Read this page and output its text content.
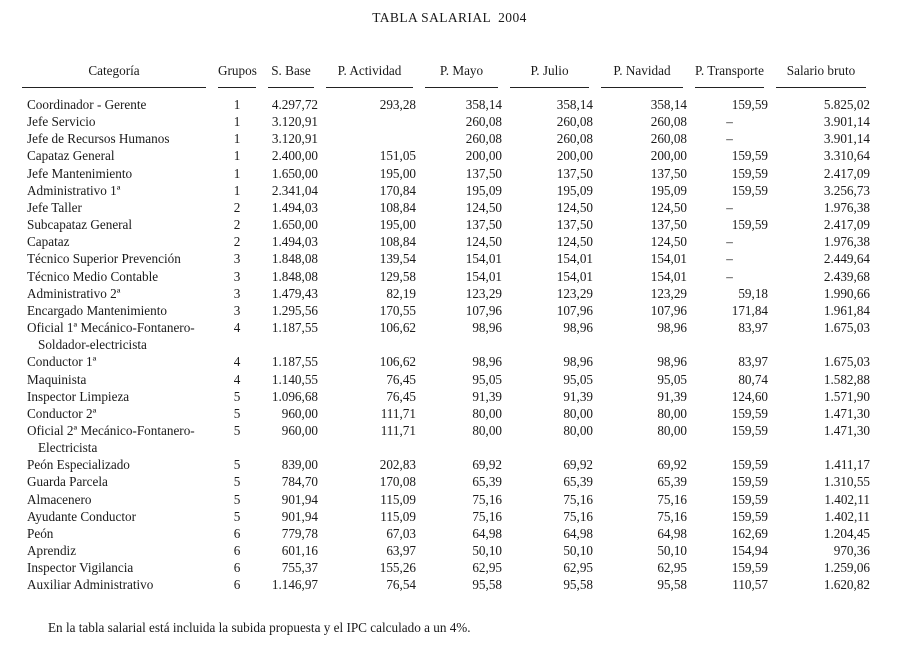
TABLA SALARIAL  2004
Categoría	Grupos	S. Base	P. Actividad	P. Mayo	P. Julio	P. Navidad	P. Transporte	Salario bruto

Coordinador - Gerente	1	4.297,72	293,28	358,14	358,14	358,14	159,59	5.825,02
Jefe Servicio	1	3.120,91		260,08	260,08	260,08	–	3.901,14
Jefe de Recursos Humanos	1	3.120,91		260,08	260,08	260,08	–	3.901,14
Capataz General	1	2.400,00	151,05	200,00	200,00	200,00	159,59	3.310,64
Jefe Mantenimiento	1	1.650,00	195,00	137,50	137,50	137,50	159,59	2.417,09
Administrativo 1ª	1	2.341,04	170,84	195,09	195,09	195,09	159,59	3.256,73
Jefe Taller	2	1.494,03	108,84	124,50	124,50	124,50	–	1.976,38
Subcapataz General	2	1.650,00	195,00	137,50	137,50	137,50	159,59	2.417,09
Capataz	2	1.494,03	108,84	124,50	124,50	124,50	–	1.976,38
Técnico Superior Prevención	3	1.848,08	139,54	154,01	154,01	154,01	–	2.449,64
Técnico Medio Contable	3	1.848,08	129,58	154,01	154,01	154,01	–	2.439,68
Administrativo 2ª	3	1.479,43	82,19	123,29	123,29	123,29	59,18	1.990,66
Encargado Mantenimiento	3	1.295,56	170,55	107,96	107,96	107,96	171,84	1.961,84
Oficial 1ª Mecánico-Fontanero-
Soldador-electricista	4	1.187,55	106,62	98,96	98,96	98,96	83,97	1.675,03
Conductor 1ª	4	1.187,55	106,62	98,96	98,96	98,96	83,97	1.675,03
Maquinista	4	1.140,55	76,45	95,05	95,05	95,05	80,74	1.582,88
Inspector Limpieza	5	1.096,68	76,45	91,39	91,39	91,39	124,60	1.571,90
Conductor 2ª	5	960,00	111,71	80,00	80,00	80,00	159,59	1.471,30
Oficial 2ª Mecánico-Fontanero-
Electricista	5	960,00	111,71	80,00	80,00	80,00	159,59	1.471,30
Peón Especializado	5	839,00	202,83	69,92	69,92	69,92	159,59	1.411,17
Guarda Parcela	5	784,70	170,08	65,39	65,39	65,39	159,59	1.310,55
Almacenero	5	901,94	115,09	75,16	75,16	75,16	159,59	1.402,11
Ayudante Conductor	5	901,94	115,09	75,16	75,16	75,16	159,59	1.402,11
Peón	6	779,78	67,03	64,98	64,98	64,98	162,69	1.204,45
Aprendiz	6	601,16	63,97	50,10	50,10	50,10	154,94	970,36
Inspector Vigilancia	6	755,37	155,26	62,95	62,95	62,95	159,59	1.259,06
Auxiliar Administrativo	6	1.146,97	76,54	95,58	95,58	95,58	110,57	1.620,82
En la tabla salarial está incluida la subida propuesta y el IPC calculado a un 4%.
